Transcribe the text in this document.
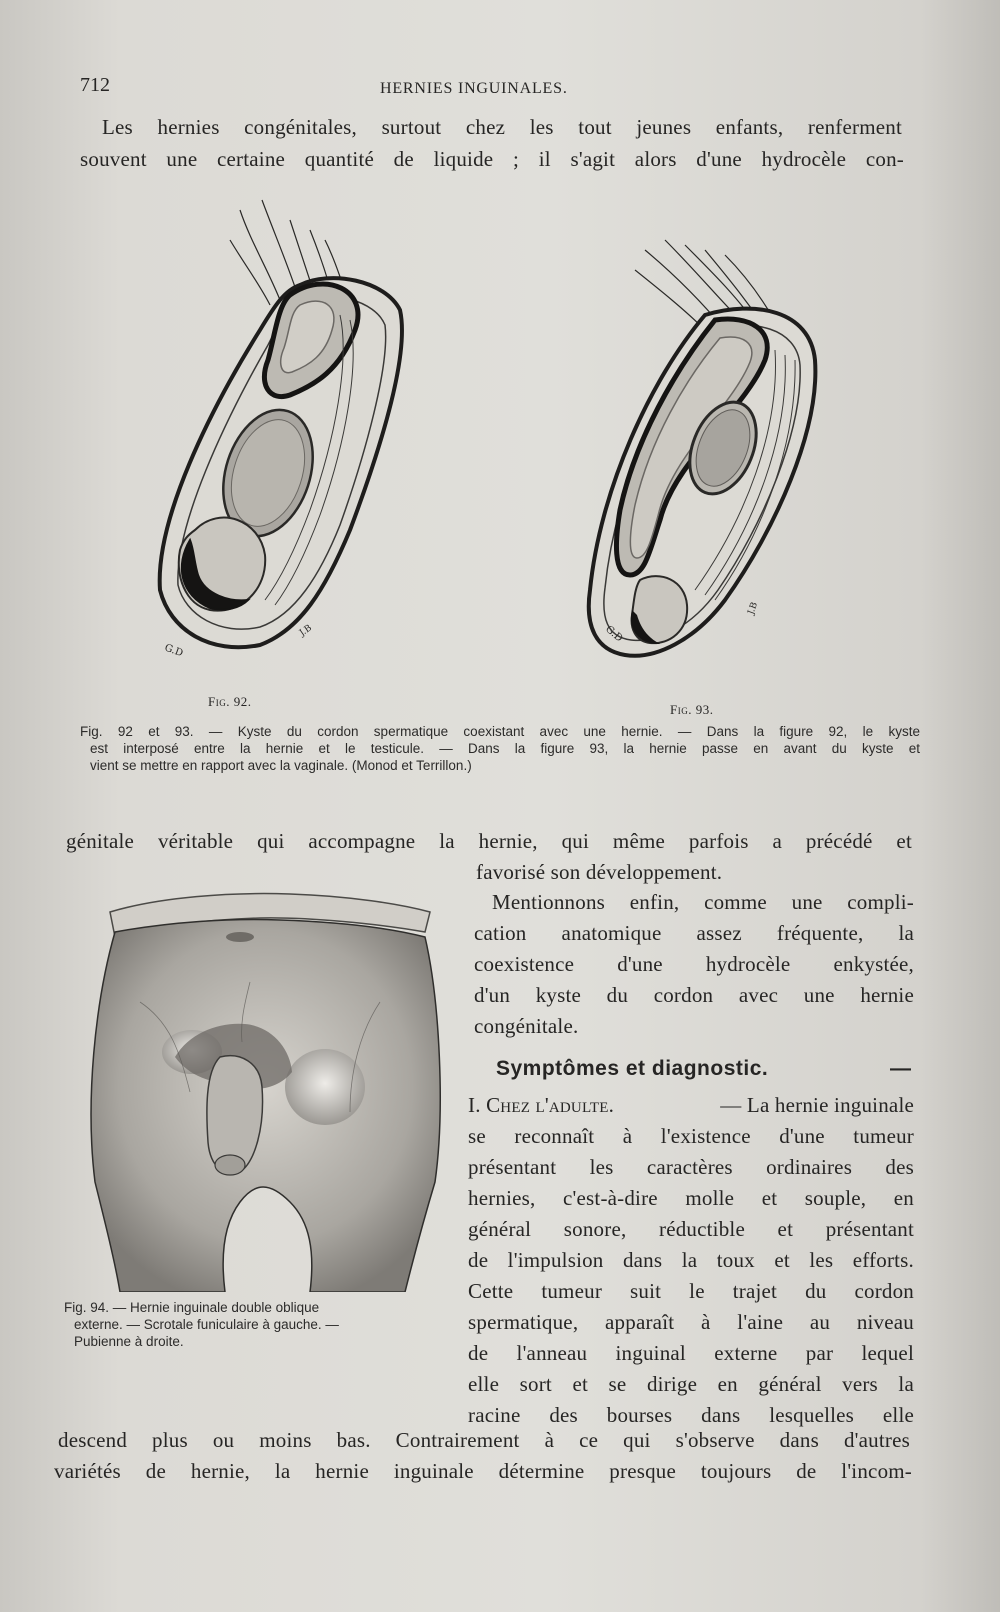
712	HERNIES INGUINALES.
Les hernies congénitales, surtout chez les tout jeunes enfants, renferment
souvent une certaine quantité de liquide ; il s'agit alors d'une hydrocèle con-
G.D
J.B
Fig. 92.
G.D
J.B
Fig. 93.
Fig. 92 et 93. — Kyste du cordon spermatique coexistant avec une hernie. — Dans la figure 92, le kyste
est interposé entre la hernie et le testicule. — Dans la figure 93, la hernie passe en avant du kyste et
vient se mettre en rapport avec la vaginale. (Monod et Terrillon.)
génitale véritable qui accompagne la hernie, qui même parfois a précédé et
favorisé son développement.
Mentionnons enfin, comme une compli-
cation anatomique assez fréquente, la
coexistence d'une hydrocèle enkystée,
d'un kyste du cordon avec une hernie
congénitale.
Fig. 94. — Hernie inguinale double oblique
externe. — Scrotale funiculaire à gauche. —
Pubienne à droite.
Symptômes et diagnostic.	—
I. Chez l'adulte.	— La hernie inguinale
se reconnaît à l'existence d'une tumeur
présentant les caractères ordinaires des
hernies, c'est-à-dire molle et souple, en
général sonore, réductible et présentant
de l'impulsion dans la toux et les efforts.
Cette tumeur suit le trajet du cordon
spermatique, apparaît à l'aine au niveau
de l'anneau inguinal externe par lequel
elle sort et se dirige en général vers la
racine des bourses dans lesquelles elle
descend plus ou moins bas. Contrairement à ce qui s'observe dans d'autres
variétés de hernie, la hernie inguinale détermine presque toujours de l'incom-
